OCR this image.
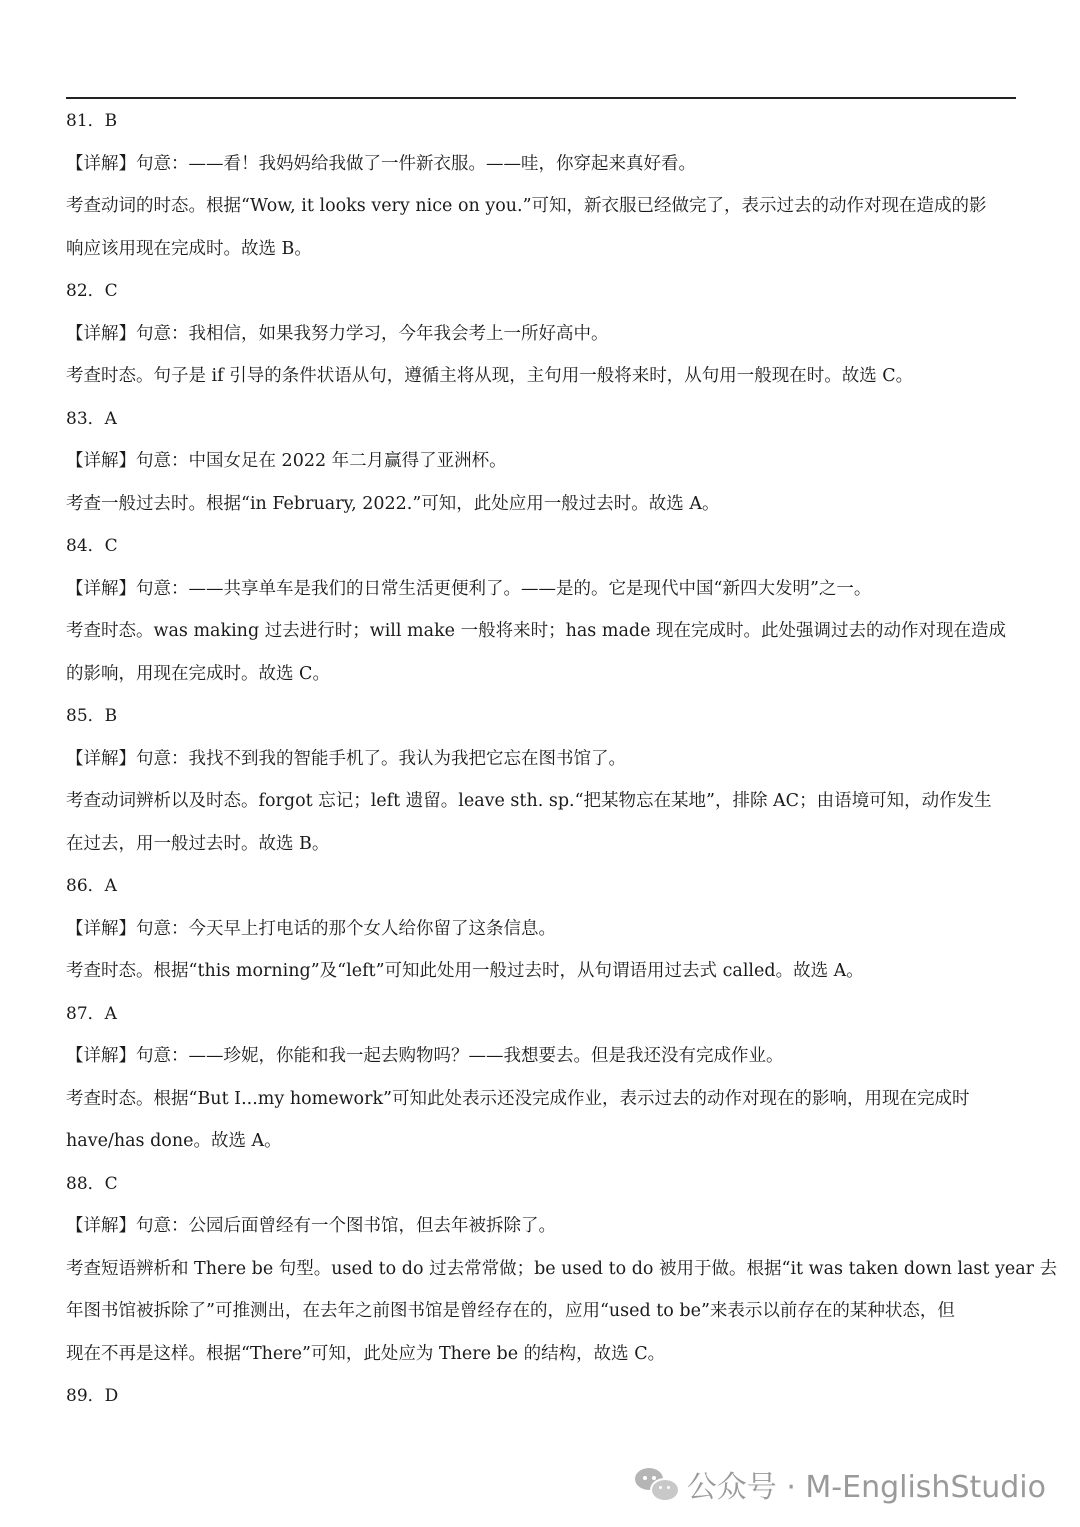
81．B
【详解】句意：——看！我妈妈给我做了一件新衣服。——哇，你穿起来真好看。
考查动词的时态。根据“Wow, it looks very nice on you.”可知，新衣服已经做完了，表示过去的动作对现在造成的影
响应该用现在完成时。故选 B。
82．C
【详解】句意：我相信，如果我努力学习，今年我会考上一所好高中。
考查时态。句子是 if 引导的条件状语从句，遵循主将从现，主句用一般将来时，从句用一般现在时。故选 C。
83．A
【详解】句意：中国女足在 2022 年二月赢得了亚洲杯。
考查一般过去时。根据“in February, 2022.”可知，此处应用一般过去时。故选 A。
84．C
【详解】句意：——共享单车是我们的日常生活更便利了。——是的。它是现代中国“新四大发明”之一。
考查时态。was making 过去进行时；will make 一般将来时；has made 现在完成时。此处强调过去的动作对现在造成
的影响，用现在完成时。故选 C。
85．B
【详解】句意：我找不到我的智能手机了。我认为我把它忘在图书馆了。
考查动词辨析以及时态。forgot 忘记；left 遗留。leave sth. sp.“把某物忘在某地”，排除 AC；由语境可知，动作发生
在过去，用一般过去时。故选 B。
86．A
【详解】句意：今天早上打电话的那个女人给你留了这条信息。
考查时态。根据“this morning”及“left”可知此处用一般过去时，从句谓语用过去式 called。故选 A。
87．A
【详解】句意：——珍妮，你能和我一起去购物吗？——我想要去。但是我还没有完成作业。
考查时态。根据“But I...my homework”可知此处表示还没完成作业，表示过去的动作对现在的影响，用现在完成时
have/has done。故选 A。
88．C
【详解】句意：公园后面曾经有一个图书馆，但去年被拆除了。
考查短语辨析和 There be 句型。used to do 过去常常做；be used to do 被用于做。根据“it was taken down last year 去
年图书馆被拆除了”可推测出，在去年之前图书馆是曾经存在的，应用“used to be”来表示以前存在的某种状态，但
现在不再是这样。根据“There”可知，此处应为 There be 的结构，故选 C。
89．D
公众号 · M-EnglishStudio
